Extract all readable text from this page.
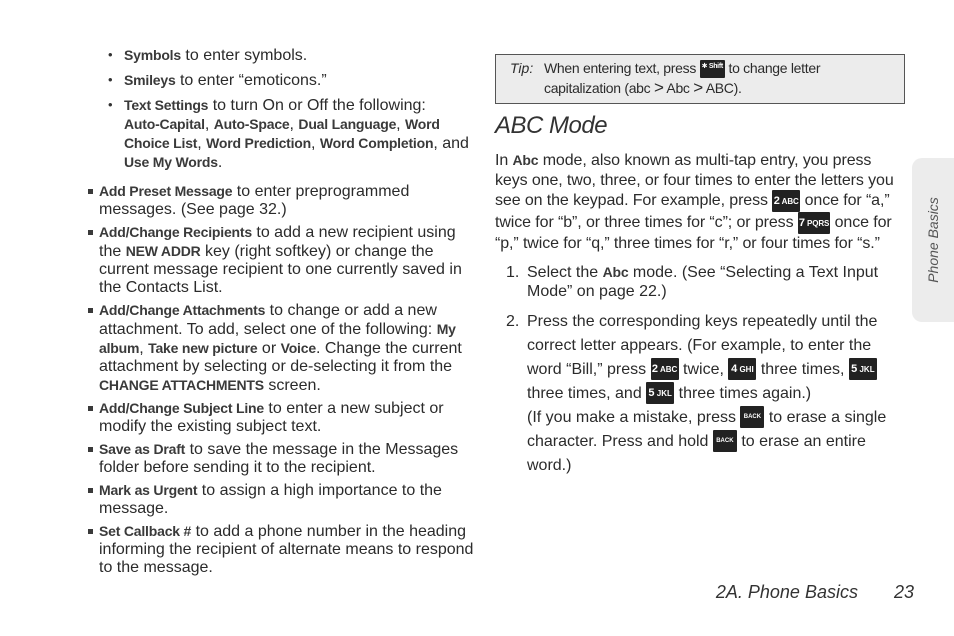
• Symbols to enter symbols.
• Smileys to enter “emoticons.”
• Text Settings to turn On or Off the following:
Auto-Capital, Auto-Space, Dual Language, Word Choice List, Word Prediction, Word Completion, and Use My Words.
Add Preset Message to enter preprogrammed messages. (See page 32.)
Add/Change Recipients to add a new recipient using the NEW ADDR key (right softkey) or change the current message recipient to one currently saved in the Contacts List.
Add/Change Attachments to change or add a new attachment. To add, select one of the following: My album, Take new picture or Voice. Change the current attachment by selecting or de-selecting it from the CHANGE ATTACHMENTS screen.
Add/Change Subject Line to enter a new subject or modify the existing subject text.
Save as Draft to save the message in the Messages folder before sending it to the recipient.
Mark as Urgent to assign a high importance to the message.
Set Callback # to add a phone number in the heading informing the recipient of alternate means to respond to the message.
Tip: When entering text, press ✱ Shift to change letter capitalization (abc > Abc > ABC).
ABC Mode
In Abc mode, also known as multi-tap entry, you press keys one, two, three, or four times to enter the letters you see on the keypad. For example, press 2 ABC once for “a,” twice for “b”, or three times for “c”; or press 7 PQRS once for “p,” twice for “q,” three times for “r,” or four times for “s.”
1. Select the Abc mode. (See “Selecting a Text Input Mode” on page 22.)
2. Press the corresponding keys repeatedly until the correct letter appears. (For example, to enter the word “Bill,” press 2 ABC twice, 4 GHI three times, 5 JKL three times, and 5 JKL three times again.)
(If you make a mistake, press BACK to erase a single character. Press and hold BACK to erase an entire word.)
Phone Basics
2A. Phone Basics 23
